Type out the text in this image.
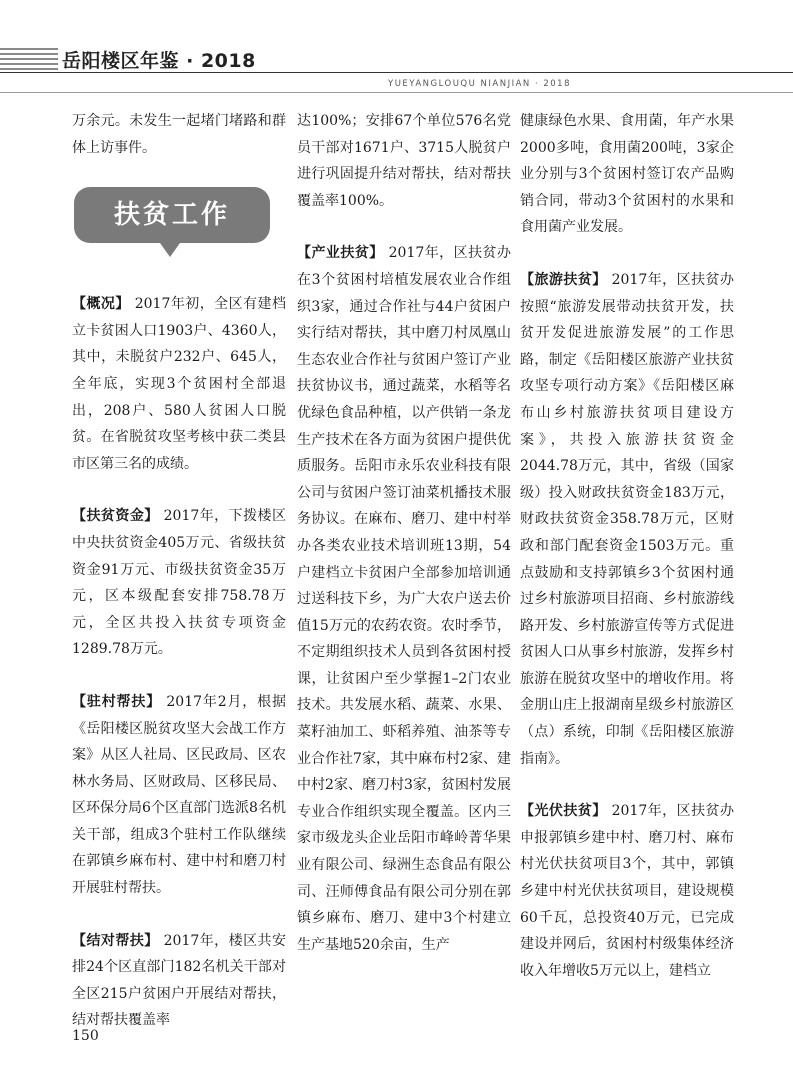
岳阳楼区年鉴 · 2018
YUEYANGLOUQU NIANJIAN · 2018

万余元。未发生一起堵门堵路和群体上访事件。

扶贫工作

【概况】 2017年初，全区有建档立卡贫困人口1903户、4360人，其中，未脱贫户232户、645人，全年底，实现3个贫困村全部退出，208户、580人贫困人口脱贫。在省脱贫攻坚考核中获二类县市区第三名的成绩。

【扶贫资金】 2017年，下拨楼区中央扶贫资金405万元、省级扶贫资金91万元、市级扶贫资金35万元，区本级配套安排758.78万元，全区共投入扶贫专项资金1289.78万元。

【驻村帮扶】 2017年2月，根据《岳阳楼区脱贫攻坚大会战工作方案》从区人社局、区民政局、区农林水务局、区财政局、区移民局、区环保分局6个区直部门选派8名机关干部，组成3个驻村工作队继续在郭镇乡麻布村、建中村和磨刀村开展驻村帮扶。

【结对帮扶】 2017年，楼区共安排24个区直部门182名机关干部对全区215户贫困户开展结对帮扶，结对帮扶覆盖率

达100%；安排67个单位576名党员干部对1671户、3715人脱贫户进行巩固提升结对帮扶，结对帮扶覆盖率100%。

【产业扶贫】 2017年，区扶贫办在3个贫困村培植发展农业合作组织3家，通过合作社与44户贫困户实行结对帮扶，其中磨刀村凤凰山生态农业合作社与贫困户签订产业扶贫协议书，通过蔬菜，水稻等名优绿色食品种植，以产供销一条龙生产技术在各方面为贫困户提供优质服务。岳阳市永乐农业科技有限公司与贫困户签订油菜机播技术服务协议。在麻布、磨刀、建中村举办各类农业技术培训班13期，54户建档立卡贫困户全部参加培训通过送科技下乡，为广大农户送去价值15万元的农药农资。农时季节，不定期组织技术人员到各贫困村授课，让贫困户至少掌握1–2门农业技术。共发展水稻、蔬菜、水果、菜籽油加工、虾稻养殖、油茶等专业合作社7家，其中麻布村2家、建中村2家、磨刀村3家，贫困村发展专业合作组织实现全覆盖。区内三家市级龙头企业岳阳市峰岭菁华果业有限公司、绿洲生态食品有限公司、汪师傅食品有限公司分别在郭镇乡麻布、磨刀、建中3个村建立生产基地520余亩，生产

健康绿色水果、食用菌，年产水果2000多吨，食用菌200吨，3家企业分别与3个贫困村签订农产品购销合同，带动3个贫困村的水果和食用菌产业发展。

【旅游扶贫】 2017年，区扶贫办按照“旅游发展带动扶贫开发，扶贫开发促进旅游发展”的工作思路，制定《岳阳楼区旅游产业扶贫攻坚专项行动方案》《岳阳楼区麻布山乡村旅游扶贫项目建设方案》，共投入旅游扶贫资金2044.78万元，其中，省级（国家级）投入财政扶贫资金183万元，财政扶贫资金358.78万元，区财政和部门配套资金1503万元。重点鼓励和支持郭镇乡3个贫困村通过乡村旅游项目招商、乡村旅游线路开发、乡村旅游宣传等方式促进贫困人口从事乡村旅游，发挥乡村旅游在脱贫攻坚中的增收作用。将金朋山庄上报湖南星级乡村旅游区（点）系统，印制《岳阳楼区旅游指南》。

【光伏扶贫】 2017年，区扶贫办申报郭镇乡建中村、磨刀村、麻布村光伏扶贫项目3个，其中，郭镇乡建中村光伏扶贫项目，建设规模60千瓦，总投资40万元，已完成建设并网后，贫困村村级集体经济收入年增收5万元以上，建档立

150
